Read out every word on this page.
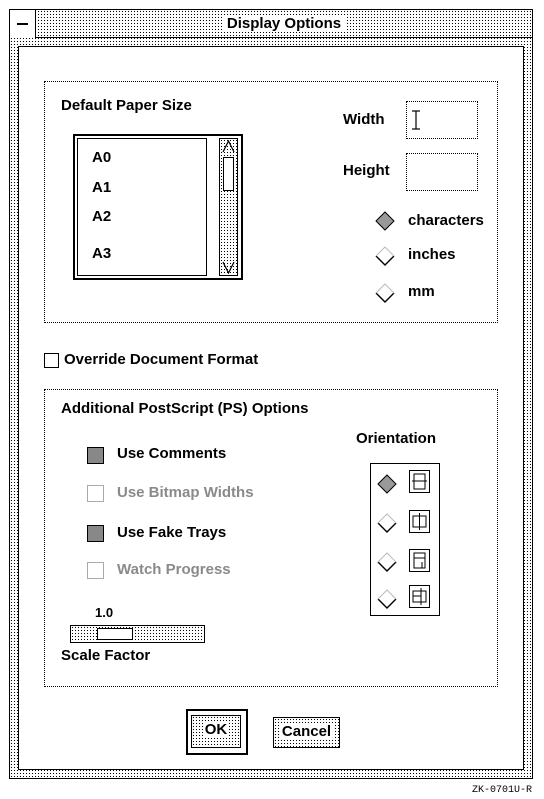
Display Options
Default Paper Size
A0
A1
A2
A3
Width
Height
characters
inches
mm
Override Document Format
Additional PostScript (PS) Options
Use Comments
Use Bitmap Widths
Use Fake Trays
Watch Progress
Orientation
1.0
Scale Factor
OK	Cancel
ZK-0701U-R
